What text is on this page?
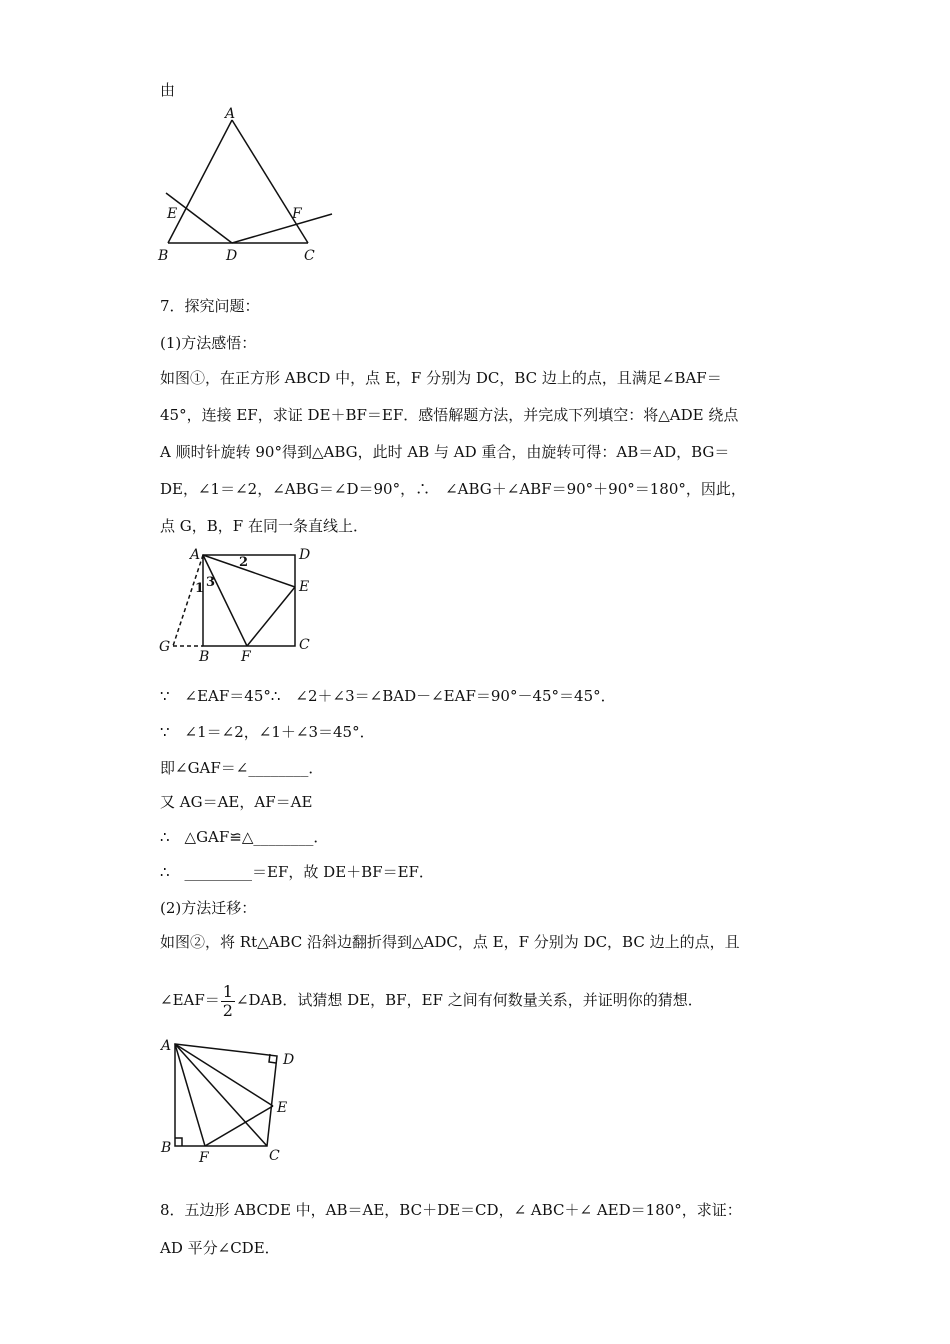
由
A
B	C
D
E	F
7．探究问题：
(1)方法感悟：
如图①，在正方形 ABCD 中，点 E，F 分别为 DC，BC 边上的点，且满足∠BAF＝
45°，连接 EF，求证 DE＋BF＝EF．感悟解题方法，并完成下列填空：将△ADE 绕点
A 顺时针旋转 90°得到△ABG，此时 AB 与 AD 重合，由旋转可得：AB＝AD，BG＝
DE，∠1＝∠2，∠ABG＝∠D＝90°，∴　∠ABG＋∠ABF＝90°＋90°＝180°，因此，
点 G，B，F 在同一条直线上．
A	D
E
C
B F
G
1
2
3
∵　∠EAF＝45°∴　∠2＋∠3＝∠BAD－∠EAF＝90°－45°＝45°．
∵　∠1＝∠2，∠1＋∠3＝45°．
即∠GAF＝∠________．
又 AG＝AE，AF＝AE
∴　△GAF≌△________．
∴　_________＝EF，故 DE＋BF＝EF．
(2)方法迁移：
如图②，将 Rt△ABC 沿斜边翻折得到△ADC，点 E，F 分别为 DC，BC 边上的点，且
∠EAF＝ $\frac{1}{2}$ ∠DAB．试猜想 DE，BF，EF 之间有何数量关系，并证明你的猜想．
A
D
E
C
B
F
8．五边形 ABCDE 中，AB＝AE，BC＋DE＝CD，∠ ABC＋∠ AED＝180°，求证：
AD 平分∠CDE．
